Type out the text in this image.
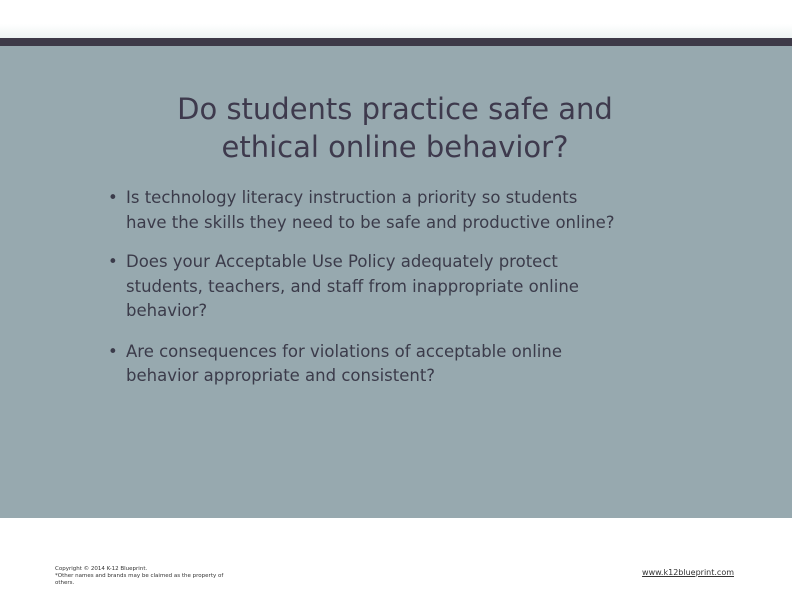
Do students practice safe and
ethical online behavior?
• Is technology literacy instruction a priority so students
have the skills they need to be safe and productive online?
• Does your Acceptable Use Policy adequately protect
students, teachers, and staff from inappropriate online
behavior?
• Are consequences for violations of acceptable online
behavior appropriate and consistent?
Copyright © 2014 K-12 Blueprint.
*Other names and brands may be claimed as the property of
others.
www.k12blueprint.com
